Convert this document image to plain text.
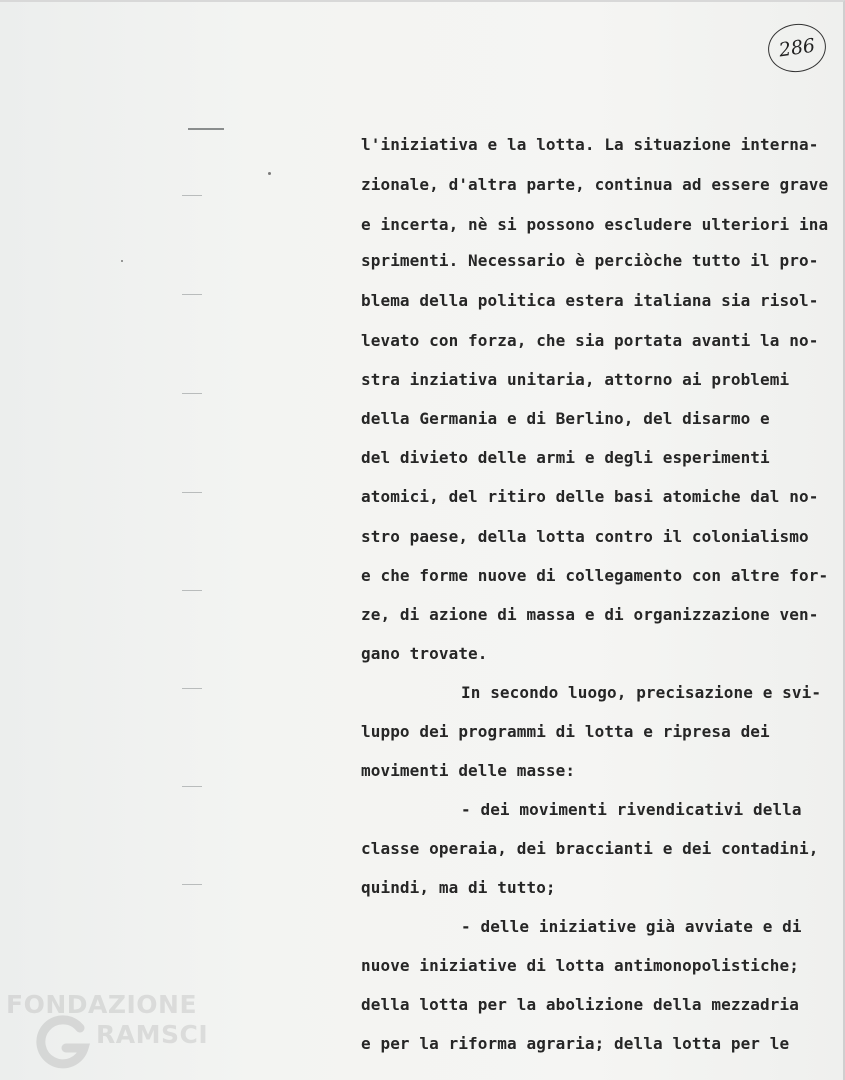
286
l'iniziativa e la lotta. La situazione interna-
zionale, d'altra parte, continua ad essere grave
e incerta, nè si possono escludere ulteriori ina
sprimenti. Necessario è perciòche tutto il pro-
blema della politica estera italiana sia risol-
levato con forza, che sia portata avanti la no-
stra inziativa unitaria, attorno ai problemi
della Germania e di Berlino, del disarmo e
del divieto delle armi e degli esperimenti
atomici, del ritiro delle basi atomiche dal no-
stro paese, della lotta contro il colonialismo
e che forme nuove di collegamento con altre for-
ze, di azione di massa e di organizzazione ven-
gano trovate.
In secondo luogo, precisazione e svi-
luppo dei programmi di lotta e ripresa dei
movimenti delle masse:
- dei movimenti rivendicativi della
classe operaia, dei braccianti e dei contadini,
quindi, ma di tutto;
- delle iniziative già avviate e di
nuove iniziative di lotta antimonopolistiche;
della lotta per la abolizione della mezzadria
e per la riforma agraria; della lotta per le
FONDAZIONE
RAMSCI
